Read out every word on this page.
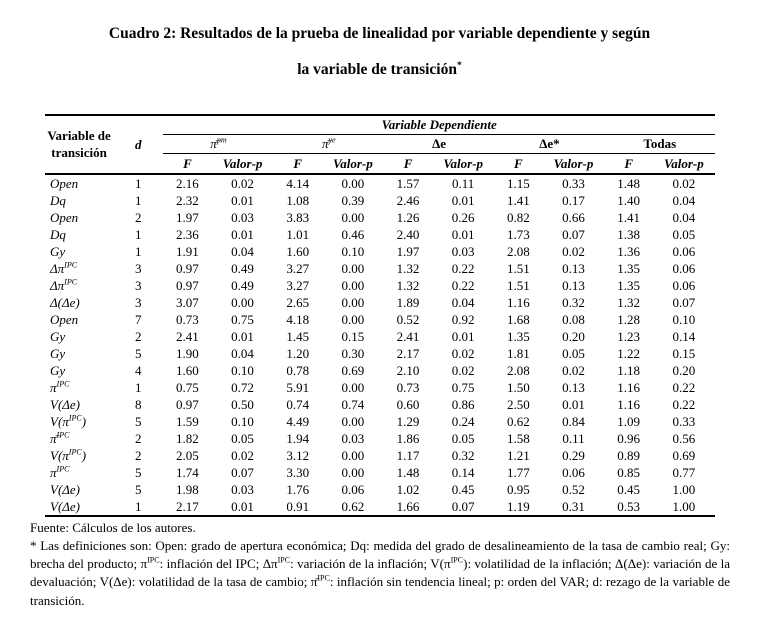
Cuadro 2: Resultados de la prueba de linealidad por variable dependiente y según
la variable de transición*
Variable de transición	d	Variable Dependiente									
		π̄$^{pm}$		π̄$^{ye}$		Δe		Δe*		Todas	
		F	Valor-p	F	Valor-p	F	Valor-p	F	Valor-p	F	Valor-p
Open	1	2.16	0.02	4.14	0.00	1.57	0.11	1.15	0.33	1.48	0.02
Dq	1	2.32	0.01	1.08	0.39	2.46	0.01	1.41	0.17	1.40	0.04
Open	2	1.97	0.03	3.83	0.00	1.26	0.26	0.82	0.66	1.41	0.04
Dq	1	2.36	0.01	1.01	0.46	2.40	0.01	1.73	0.07	1.38	0.05
Gy	1	1.91	0.04	1.60	0.10	1.97	0.03	2.08	0.02	1.36	0.06
$\Delta\pi^{IPC}$	3	0.97	0.49	3.27	0.00	1.32	0.22	1.51	0.13	1.35	0.06
$\Delta\pi^{IPC}$	3	0.97	0.49	3.27	0.00	1.32	0.22	1.51	0.13	1.35	0.06
Δ(Δe)	3	3.07	0.00	2.65	0.00	1.89	0.04	1.16	0.32	1.32	0.07
Open	7	0.73	0.75	4.18	0.00	0.52	0.92	1.68	0.08	1.28	0.10
Gy	2	2.41	0.01	1.45	0.15	2.41	0.01	1.35	0.20	1.23	0.14
Gy	5	1.90	0.04	1.20	0.30	2.17	0.02	1.81	0.05	1.22	0.15
Gy	4	1.60	0.10	0.78	0.69	2.10	0.02	2.08	0.02	1.18	0.20
$\pi^{IPC}$	1	0.75	0.72	5.91	0.00	0.73	0.75	1.50	0.13	1.16	0.22
V(Δe)	8	0.97	0.50	0.74	0.74	0.60	0.86	2.50	0.01	1.16	0.22
$V(\pi^{IPC})$	5	1.59	0.10	4.49	0.00	1.29	0.24	0.62	0.84	1.09	0.33
π̄$^{IPC}$	2	1.82	0.05	1.94	0.03	1.86	0.05	1.58	0.11	0.96	0.56
$V(\pi^{IPC})$	2	2.05	0.02	3.12	0.00	1.17	0.32	1.21	0.29	0.89	0.69
$\pi^{IPC}$	5	1.74	0.07	3.30	0.00	1.48	0.14	1.77	0.06	0.85	0.77
V(Δe)	5	1.98	0.03	1.76	0.06	1.02	0.45	0.95	0.52	0.45	1.00
V(Δe)	1	2.17	0.01	0.91	0.62	1.66	0.07	1.19	0.31	0.53	1.00
Fuente: Cálculos de los autores.
* Las definiciones son: Open: grado de apertura económica; Dq: medida del grado de desalineamiento de la tasa de cambio real; Gy: brecha del producto; $\pi^{IPC}$: inflación del IPC; $\Delta\pi^{IPC}$: variación de la inflación; $V(\pi^{IPC})$: volatilidad de la inflación; Δ(Δe): variación de la devaluación; V(Δe): volatilidad de la tasa de cambio; π̄$^{IPC}$: inflación sin tendencia lineal; p: orden del VAR; d: rezago de la variable de transición.
